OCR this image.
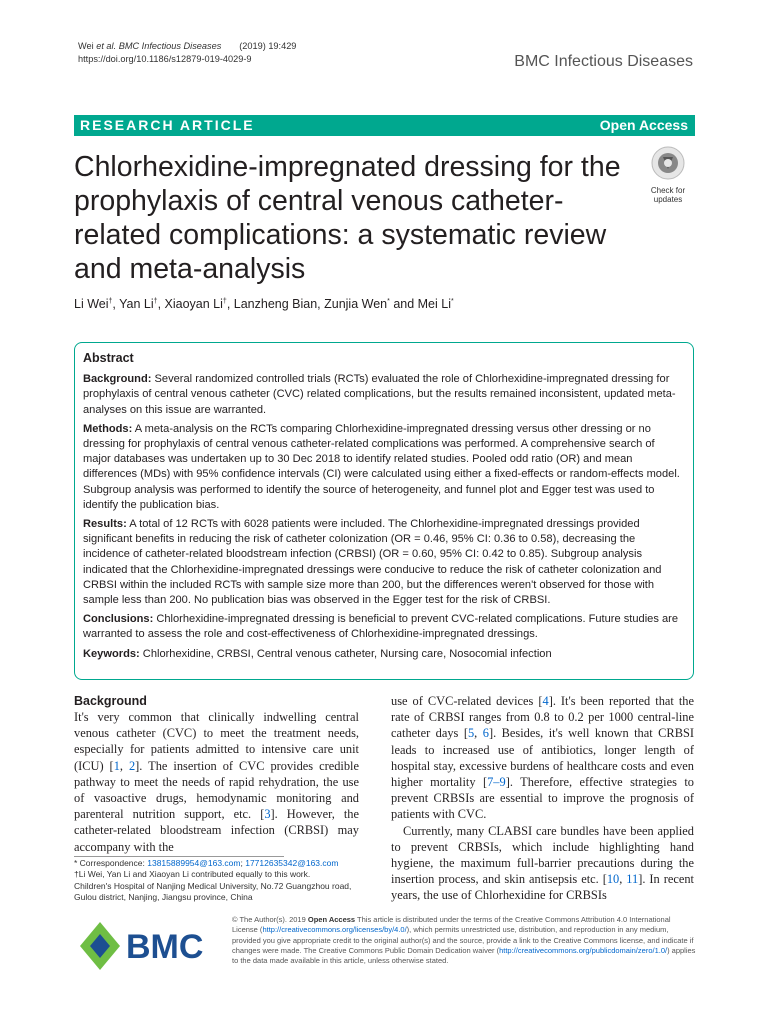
Wei et al. BMC Infectious Diseases (2019) 19:429
https://doi.org/10.1186/s12879-019-4029-9	BMC Infectious Diseases
RESEARCH ARTICLE	Open Access
Chlorhexidine-impregnated dressing for the prophylaxis of central venous catheter-related complications: a systematic review and meta-analysis
Check for
updates
Li Wei†, Yan Li†, Xiaoyan Li†, Lanzheng Bian, Zunjia Wen* and Mei Li*
Abstract

Background: Several randomized controlled trials (RCTs) evaluated the role of Chlorhexidine-impregnated dressing for prophylaxis of central venous catheter (CVC) related complications, but the results remained inconsistent, updated meta-analyses on this issue are warranted.

Methods: A meta-analysis on the RCTs comparing Chlorhexidine-impregnated dressing versus other dressing or no dressing for prophylaxis of central venous catheter-related complications was performed. A comprehensive search of major databases was undertaken up to 30 Dec 2018 to identify related studies. Pooled odd ratio (OR) and mean differences (MDs) with 95% confidence intervals (CI) were calculated using either a fixed-effects or random-effects model. Subgroup analysis was performed to identify the source of heterogeneity, and funnel plot and Egger test was used to identify the publication bias.

Results: A total of 12 RCTs with 6028 patients were included. The Chlorhexidine-impregnated dressings provided significant benefits in reducing the risk of catheter colonization (OR = 0.46, 95% CI: 0.36 to 0.58), decreasing the incidence of catheter-related bloodstream infection (CRBSI) (OR = 0.60, 95% CI: 0.42 to 0.85). Subgroup analysis indicated that the Chlorhexidine-impregnated dressings were conducive to reduce the risk of catheter colonization and CRBSI within the included RCTs with sample size more than 200, but the differences weren't observed for those with sample less than 200. No publication bias was observed in the Egger test for the risk of CRBSI.

Conclusions: Chlorhexidine-impregnated dressing is beneficial to prevent CVC-related complications. Future studies are warranted to assess the role and cost-effectiveness of Chlorhexidine-impregnated dressings.

Keywords: Chlorhexidine, CRBSI, Central venous catheter, Nursing care, Nosocomial infection

Background

It's very common that clinically indwelling central venous catheter (CVC) to meet the treatment needs, especially for patients admitted to intensive care unit (ICU) [1, 2]. The insertion of CVC provides credible pathway to meet the needs of rapid rehydration, the use of vasoactive drugs, hemodynamic monitoring and parenteral nutrition support, etc. [3]. However, the catheter-related bloodstream infection (CRBSI) may accompany with the

use of CVC-related devices [4]. It's been reported that the rate of CRBSI ranges from 0.8 to 0.2 per 1000 central-line catheter days [5, 6]. Besides, it's well known that CRBSI leads to increased use of antibiotics, longer length of hospital stay, excessive burdens of healthcare costs and even higher mortality [7–9]. Therefore, effective strategies to prevent CRBSIs are essential to improve the prognosis of patients with CVC.

Currently, many CLABSI care bundles have been applied to prevent CRBSIs, which include highlighting hand hygiene, the maximum full-barrier precautions during the insertion process, and skin antisepsis etc. [10, 11]. In recent years, the use of Chlorhexidine for CRBSIs

* Correspondence: 13815889954@163.com; 17712635342@163.com
†Li Wei, Yan Li and Xiaoyan Li contributed equally to this work.
Children's Hospital of Nanjing Medical University, No.72 Guangzhou road,
Gulou district, Nanjing, Jiangsu province, China
BMC
© The Author(s). 2019 Open Access This article is distributed under the terms of the Creative Commons Attribution 4.0 International License (http://creativecommons.org/licenses/by/4.0/), which permits unrestricted use, distribution, and reproduction in any medium, provided you give appropriate credit to the original author(s) and the source, provide a link to the Creative Commons license, and indicate if changes were made. The Creative Commons Public Domain Dedication waiver (http://creativecommons.org/publicdomain/zero/1.0/) applies to the data made available in this article, unless otherwise stated.
